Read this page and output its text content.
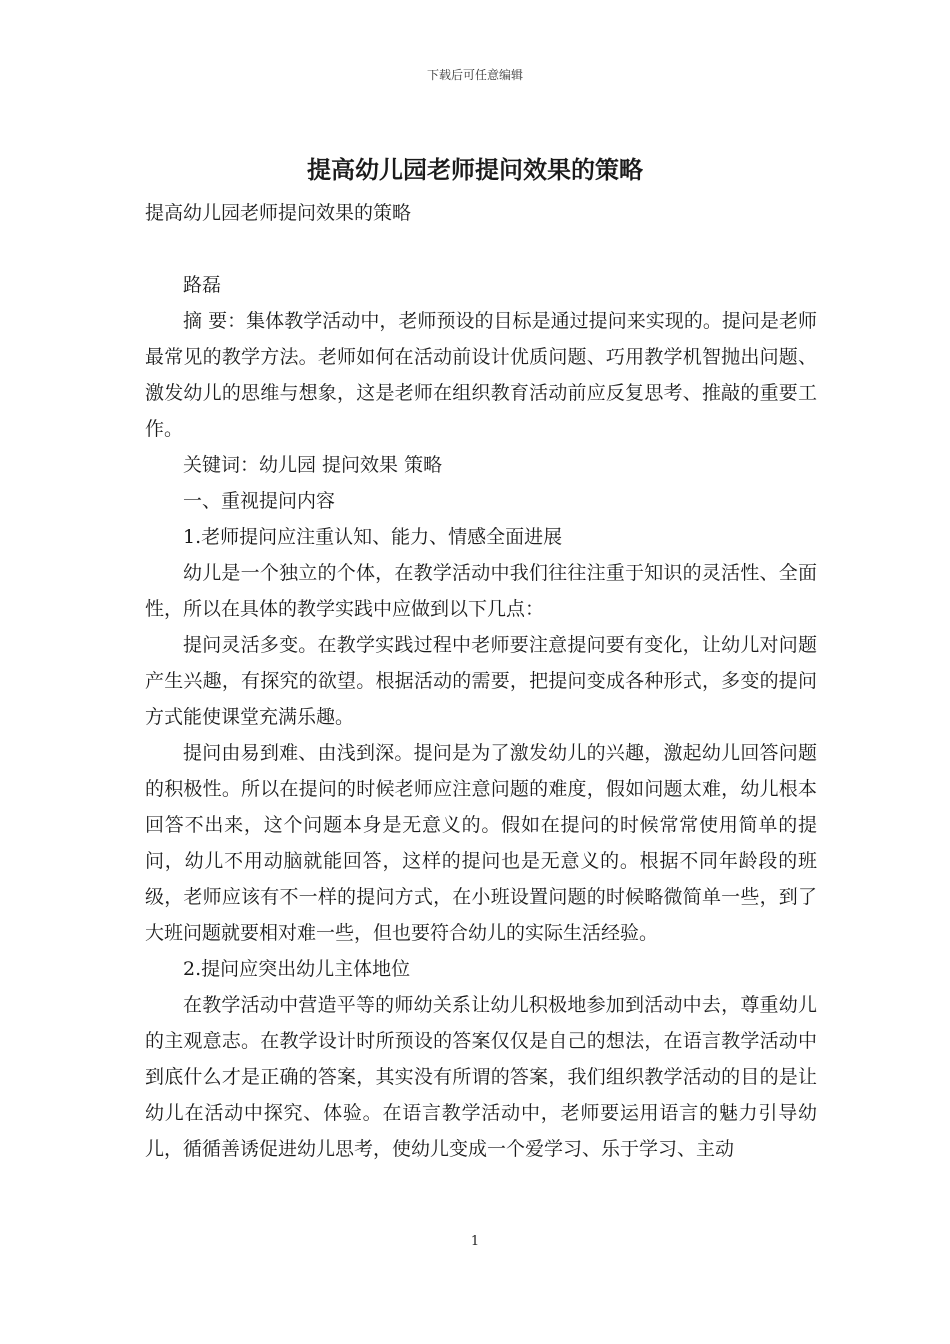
下载后可任意编辑
提高幼儿园老师提问效果的策略

提高幼儿园老师提问效果的策略

路磊

摘 要：集体教学活动中，老师预设的目标是通过提问来实现的。提问是老师最常见的教学方法。老师如何在活动前设计优质问题、巧用教学机智抛出问题、激发幼儿的思维与想象，这是老师在组织教育活动前应反复思考、推敲的重要工作。

关键词：幼儿园 提问效果 策略

一、重视提问内容

1.老师提问应注重认知、能力、情感全面进展

幼儿是一个独立的个体，在教学活动中我们往往注重于知识的灵活性、全面性，所以在具体的教学实践中应做到以下几点：

提问灵活多变。在教学实践过程中老师要注意提问要有变化，让幼儿对问题产生兴趣，有探究的欲望。根据活动的需要，把提问变成各种形式，多变的提问方式能使课堂充满乐趣。

提问由易到难、由浅到深。提问是为了激发幼儿的兴趣，激起幼儿回答问题的积极性。所以在提问的时候老师应注意问题的难度，假如问题太难，幼儿根本回答不出来，这个问题本身是无意义的。假如在提问的时候常常使用简单的提问，幼儿不用动脑就能回答，这样的提问也是无意义的。根据不同年龄段的班级，老师应该有不一样的提问方式，在小班设置问题的时候略微简单一些，到了大班问题就要相对难一些，但也要符合幼儿的实际生活经验。

2.提问应突出幼儿主体地位

在教学活动中营造平等的师幼关系让幼儿积极地参加到活动中去，尊重幼儿的主观意志。在教学设计时所预设的答案仅仅是自己的想法，在语言教学活动中到底什么才是正确的答案，其实没有所谓的答案，我们组织教学活动的目的是让幼儿在活动中探究、体验。在语言教学活动中，老师要运用语言的魅力引导幼儿，循循善诱促进幼儿思考，使幼儿变成一个爱学习、乐于学习、主动

1
